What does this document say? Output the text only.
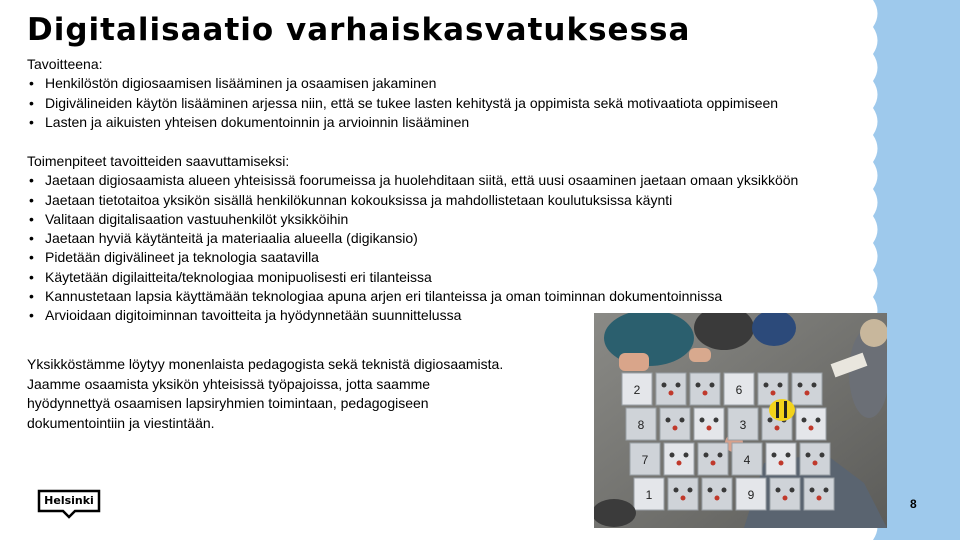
Digitalisaatio varhaiskasvatuksessa
Tavoitteena:
• Henkilöstön digiosaamisen lisääminen ja osaamisen jakaminen
• Digivälineiden käytön lisääminen arjessa niin, että se tukee lasten kehitystä ja oppimista sekä motivaatiota oppimiseen
• Lasten ja aikuisten yhteisen dokumentoinnin ja arvioinnin lisääminen
Toimenpiteet tavoitteiden saavuttamiseksi:
• Jaetaan digiosaamista alueen yhteisissä foorumeissa ja huolehditaan siitä, että uusi osaaminen jaetaan omaan yksikköön
• Jaetaan tietotaitoa yksikön sisällä henkilökunnan kokouksissa ja mahdollistetaan koulutuksissa käynti
• Valitaan digitalisaation vastuuhenkilöt yksikköihin
• Jaetaan hyviä käytänteitä ja materiaalia alueella (digikansio)
• Pidetään digivälineet ja teknologia saatavilla
• Käytetään digilaitteita/teknologiaa monipuolisesti eri tilanteissa
• Kannustetaan lapsia käyttämään teknologiaa apuna arjen eri tilanteissa ja oman toiminnan dokumentoinnissa
• Arvioidaan digitoiminnan tavoitteita ja hyödynnetään suunnittelussa

Yksikköstämme löytyy monenlaista pedagogista sekä teknistä digiosaamista.
Jaamme osaamista yksikön yhteisissä työpajoissa, jotta saamme
hyödynnettyä osaamisen lapsiryhmien toimintaan, pedagogiseen
dokumentointiin ja viestintään.

2	6
8	3
7	4
1	9
Helsinki	8
